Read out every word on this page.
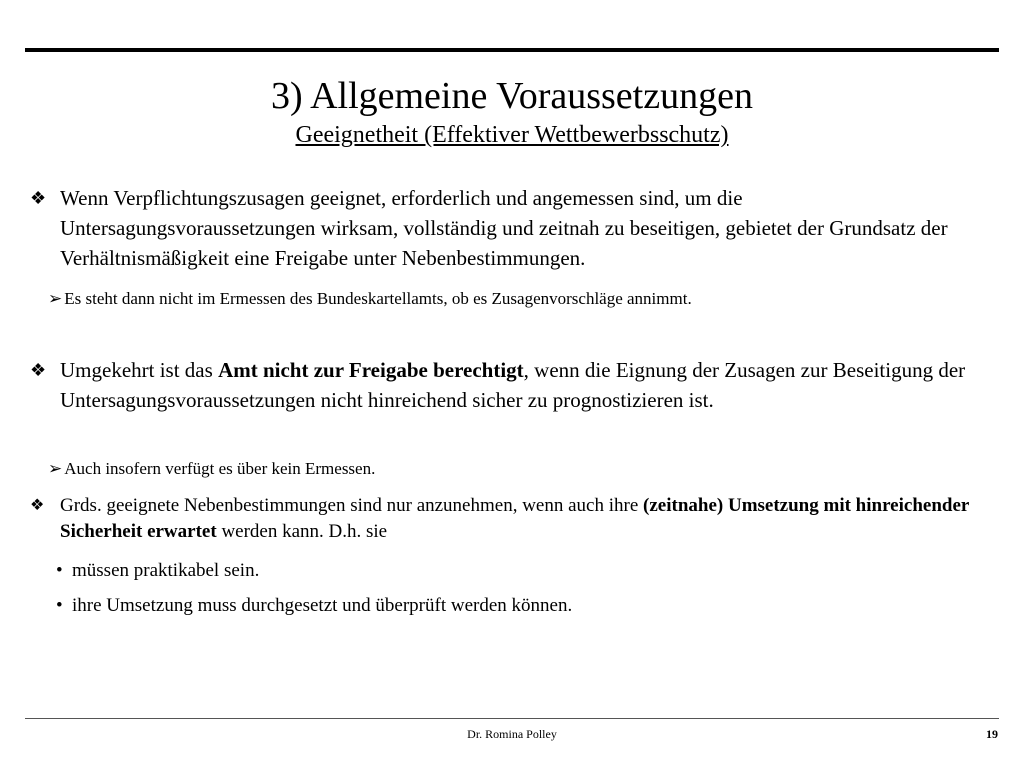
3) Allgemeine Voraussetzungen
Geeignetheit (Effektiver Wettbewerbsschutz)
❖ Wenn Verpflichtungszusagen geeignet, erforderlich und angemessen sind, um die Untersagungsvoraussetzungen wirksam, vollständig und zeitnah zu beseitigen, gebietet der Grundsatz der Verhältnismäßigkeit eine Freigabe unter Nebenbestimmungen.
➢ Es steht dann nicht im Ermessen des Bundeskartellamts, ob es Zusagenvorschläge annimmt.
❖ Umgekehrt ist das Amt nicht zur Freigabe berechtigt, wenn die Eignung der Zusagen zur Beseitigung der Untersagungsvoraussetzungen nicht hinreichend sicher zu prognostizieren ist.
➢ Auch insofern verfügt es über kein Ermessen.
❖ Grds. geeignete Nebenbestimmungen sind nur anzunehmen, wenn auch ihre (zeitnahe) Umsetzung mit hinreichender Sicherheit erwartet werden kann. D.h. sie
• müssen praktikabel sein.
• ihre Umsetzung muss durchgesetzt und überprüft werden können.
Dr. Romina Polley	19
